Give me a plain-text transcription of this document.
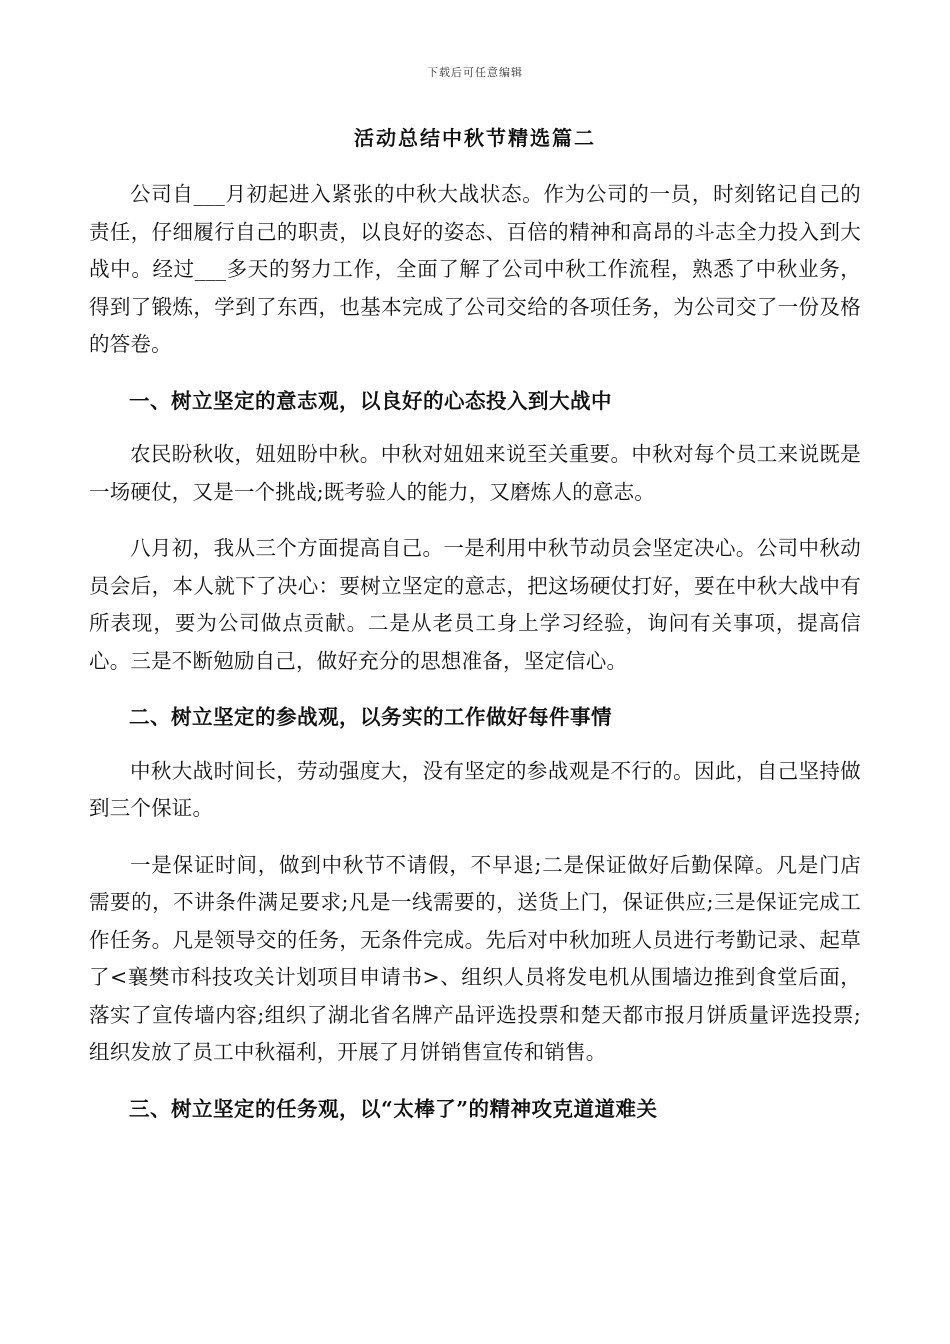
下载后可任意编辑
活动总结中秋节精选篇二

公司自___月初起进入紧张的中秋大战状态。作为公司的一员，时刻铭记自己的责任，仔细履行自己的职责，以良好的姿态、百倍的精神和高昂的斗志全力投入到大战中。经过___多天的努力工作，全面了解了公司中秋工作流程，熟悉了中秋业务，得到了锻炼，学到了东西，也基本完成了公司交给的各项任务，为公司交了一份及格的答卷。

一、树立坚定的意志观，以良好的心态投入到大战中

农民盼秋收，妞妞盼中秋。中秋对妞妞来说至关重要。中秋对每个员工来说既是一场硬仗，又是一个挑战;既考验人的能力，又磨炼人的意志。

八月初，我从三个方面提高自己。一是利用中秋节动员会坚定决心。公司中秋动员会后，本人就下了决心：要树立坚定的意志，把这场硬仗打好，要在中秋大战中有所表现，要为公司做点贡献。二是从老员工身上学习经验，询问有关事项，提高信心。三是不断勉励自己，做好充分的思想准备，坚定信心。

二、树立坚定的参战观，以务实的工作做好每件事情

中秋大战时间长，劳动强度大，没有坚定的参战观是不行的。因此，自己坚持做到三个保证。

一是保证时间，做到中秋节不请假，不早退;二是保证做好后勤保障。凡是门店需要的，不讲条件满足要求;凡是一线需要的，送货上门，保证供应;三是保证完成工作任务。凡是领导交的任务，无条件完成。先后对中秋加班人员进行考勤记录、起草了<襄樊市科技攻关计划项目申请书>、组织人员将发电机从围墙边推到食堂后面，落实了宣传墙内容;组织了湖北省名牌产品评选投票和楚天都市报月饼质量评选投票;组织发放了员工中秋福利，开展了月饼销售宣传和销售。

三、树立坚定的任务观，以“太棒了”的精神攻克道道难关
